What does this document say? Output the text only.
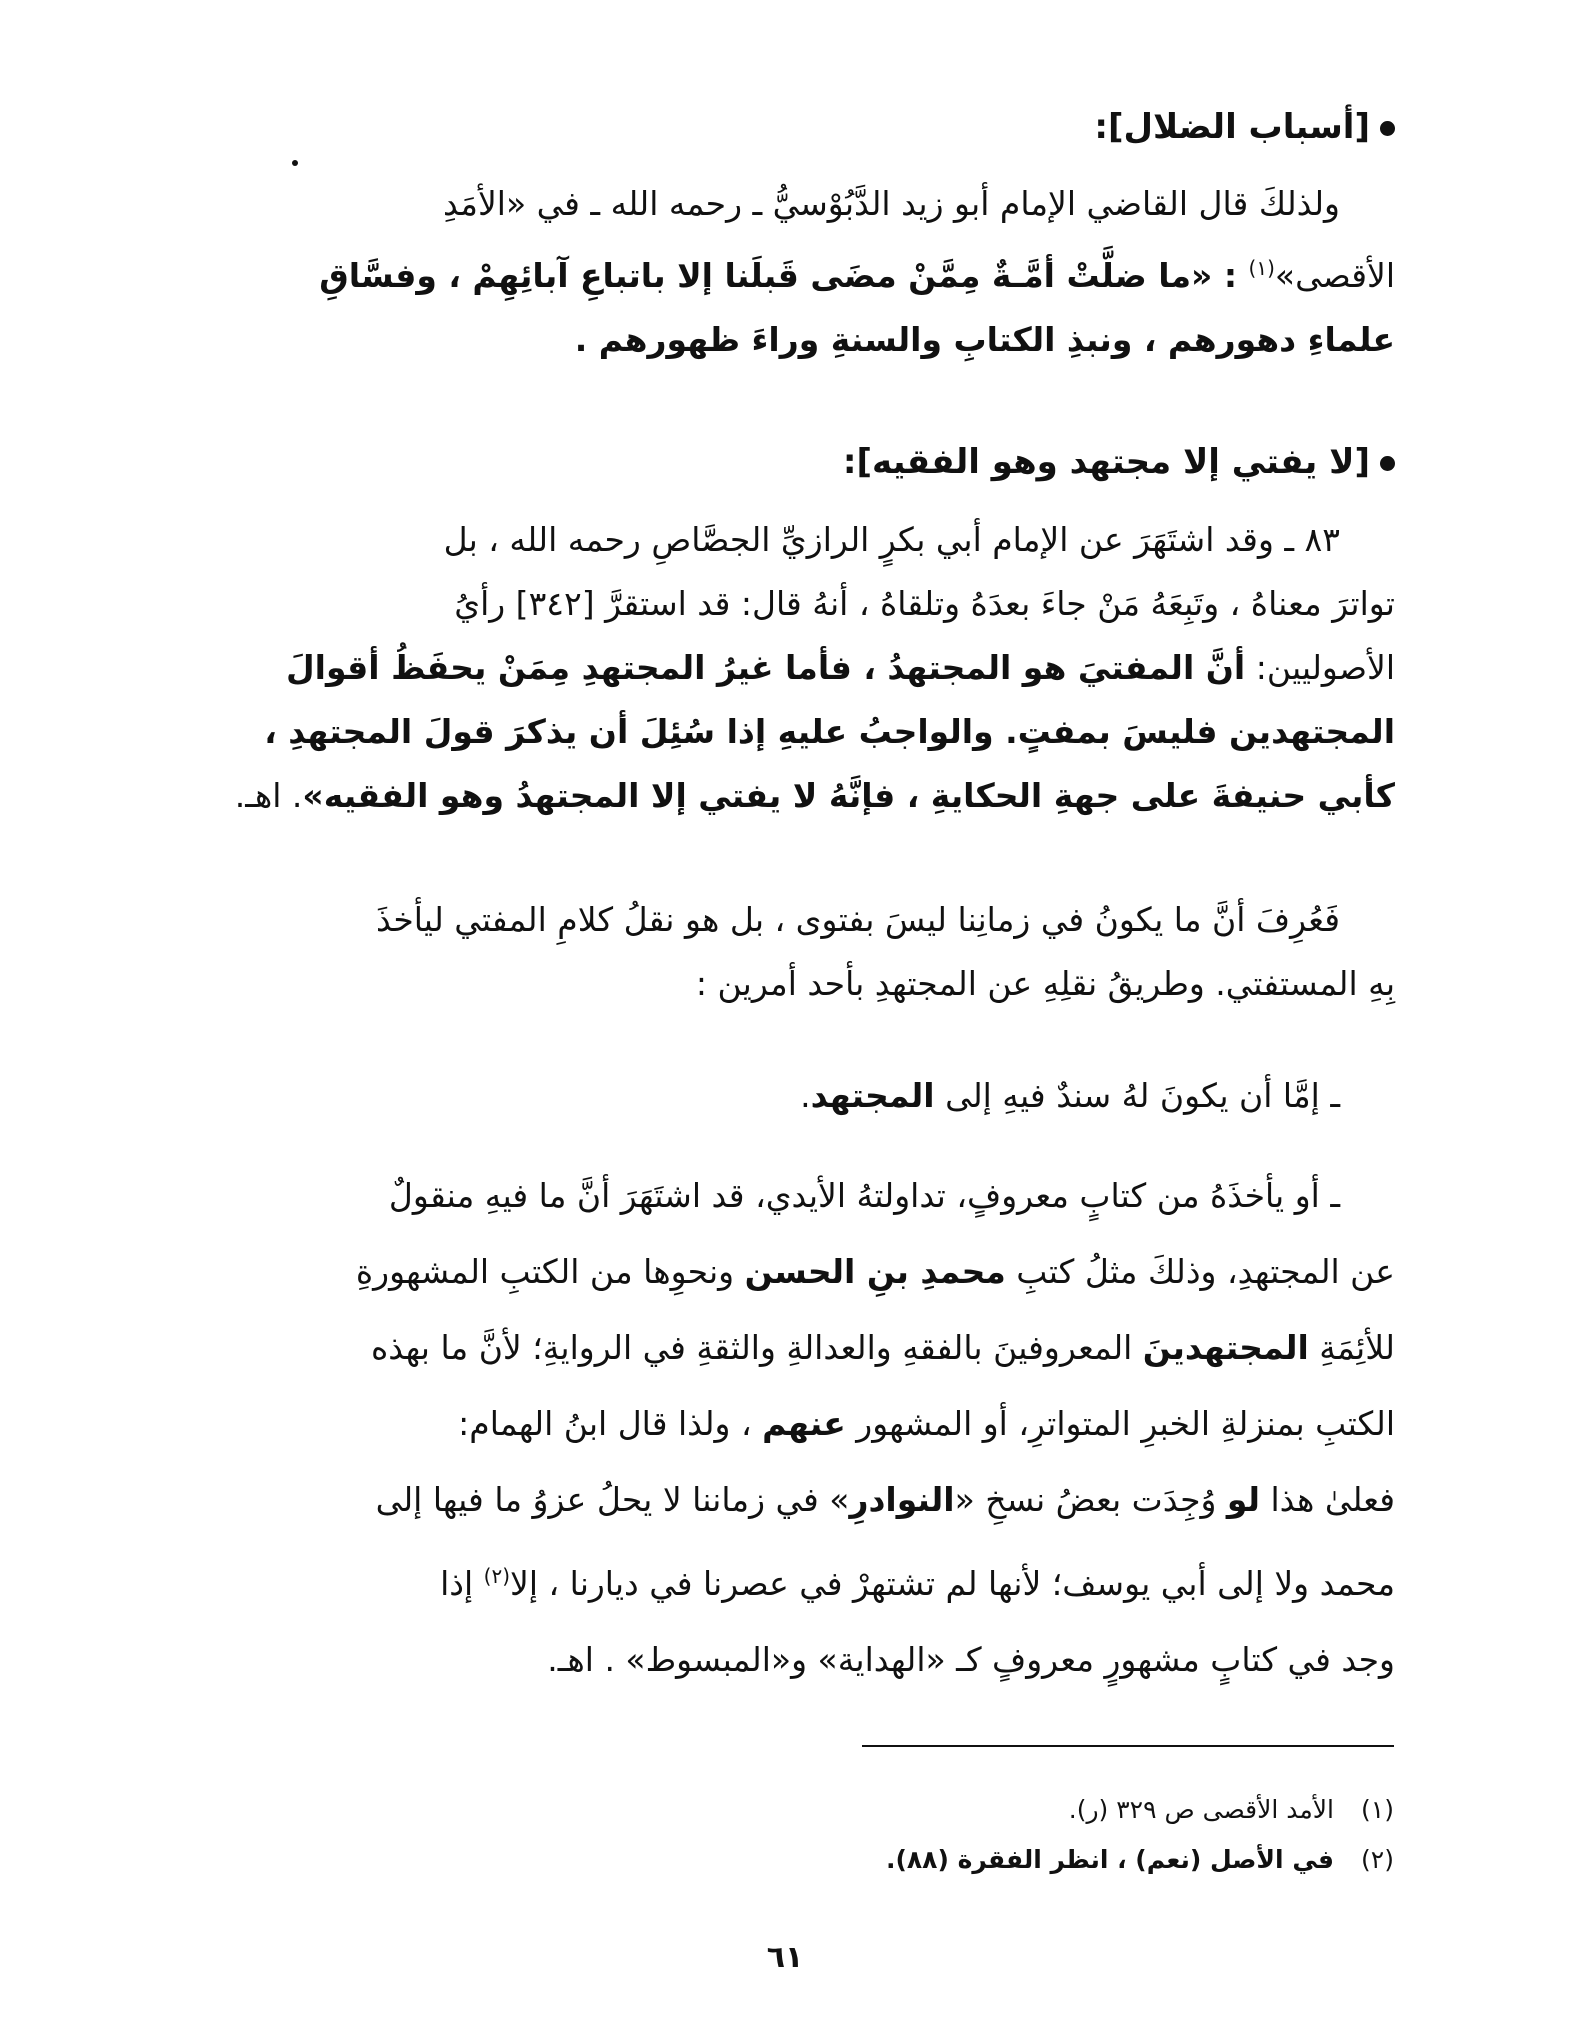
[أسباب الضلال]:

ولذلكَ قال القاضي الإمام أبو زيد الدَّبُوْسيُّ ـ رحمه الله ـ في «الأمَدِ

الأقصى»$^{(١)}$ : «ما ضلَّتْ أمَّـةٌ مِمَّنْ مضَى قَبلَنا إلا باتباعِ آبائِهِمْ ، وفسَّاقِ

علماءِ دهورهم ، ونبذِ الكتابِ والسنةِ وراءَ ظهورهم .

[لا يفتي إلا مجتهد وهو الفقيه]:

٨٣ ـ وقد اشتَهَرَ عن الإمام أبي بكرٍ الرازيِّ الجصَّاصِ رحمه الله ، بل

تواترَ معناهُ ، وتَبِعَهُ مَنْ جاءَ بعدَهُ وتلقاهُ ، أنهُ قال: قد استقرَّ [٣٤٢] رأيُ

الأصوليين: أنَّ المفتيَ هو المجتهدُ ، فأما غيرُ المجتهدِ مِمَنْ يحفَظُ أقوالَ

المجتهدين فليسَ بمفتٍ. والواجبُ عليهِ إذا سُئِلَ أن يذكرَ قولَ المجتهدِ ،

كأبي حنيفةَ على جهةِ الحكايةِ ، فإنَّهُ لا يفتي إلا المجتهدُ وهو الفقيه». اهـ.

فَعُرِفَ أنَّ ما يكونُ في زمانِنا ليسَ بفتوى ، بل هو نقلُ كلامِ المفتي ليأخذَ

بِهِ المستفتي. وطريقُ نقلِهِ عن المجتهدِ بأحد أمرين :

ـ إمَّا أن يكونَ لهُ سندٌ فيهِ إلى المجتهد.

ـ أو يأخذَهُ من كتابٍ معروفٍ، تداولتهُ الأيدي، قد اشتَهَرَ أنَّ ما فيهِ منقولٌ

عن المجتهدِ، وذلكَ مثلُ كتبِ محمدِ بنِ الحسن ونحوِها من الكتبِ المشهورةِ

للأئِمَةِ المجتهدينَ المعروفينَ بالفقهِ والعدالةِ والثقةِ في الروايةِ؛ لأنَّ ما بهذه

الكتبِ بمنزلةِ الخبرِ المتواترِ، أو المشهور عنهم ، ولذا قال ابنُ الهمام:

فعلىٰ هذا لو وُجِدَت بعضُ نسخِ «النوادرِ» في زماننا لا يحلُ عزوُ ما فيها إلى

محمد ولا إلى أبي يوسف؛ لأنها لم تشتهرْ في عصرنا في ديارنا ، إلا$^{(٢)}$ إذا

وجد في كتابٍ مشهورٍ معروفٍ كـ «الهداية» و«المبسوط» . اهـ.

(١)الأمد الأقصى ص ٣٢٩ (ر).
(٢)في الأصل (نعم) ، انظر الفقرة (٨٨).
٦١
